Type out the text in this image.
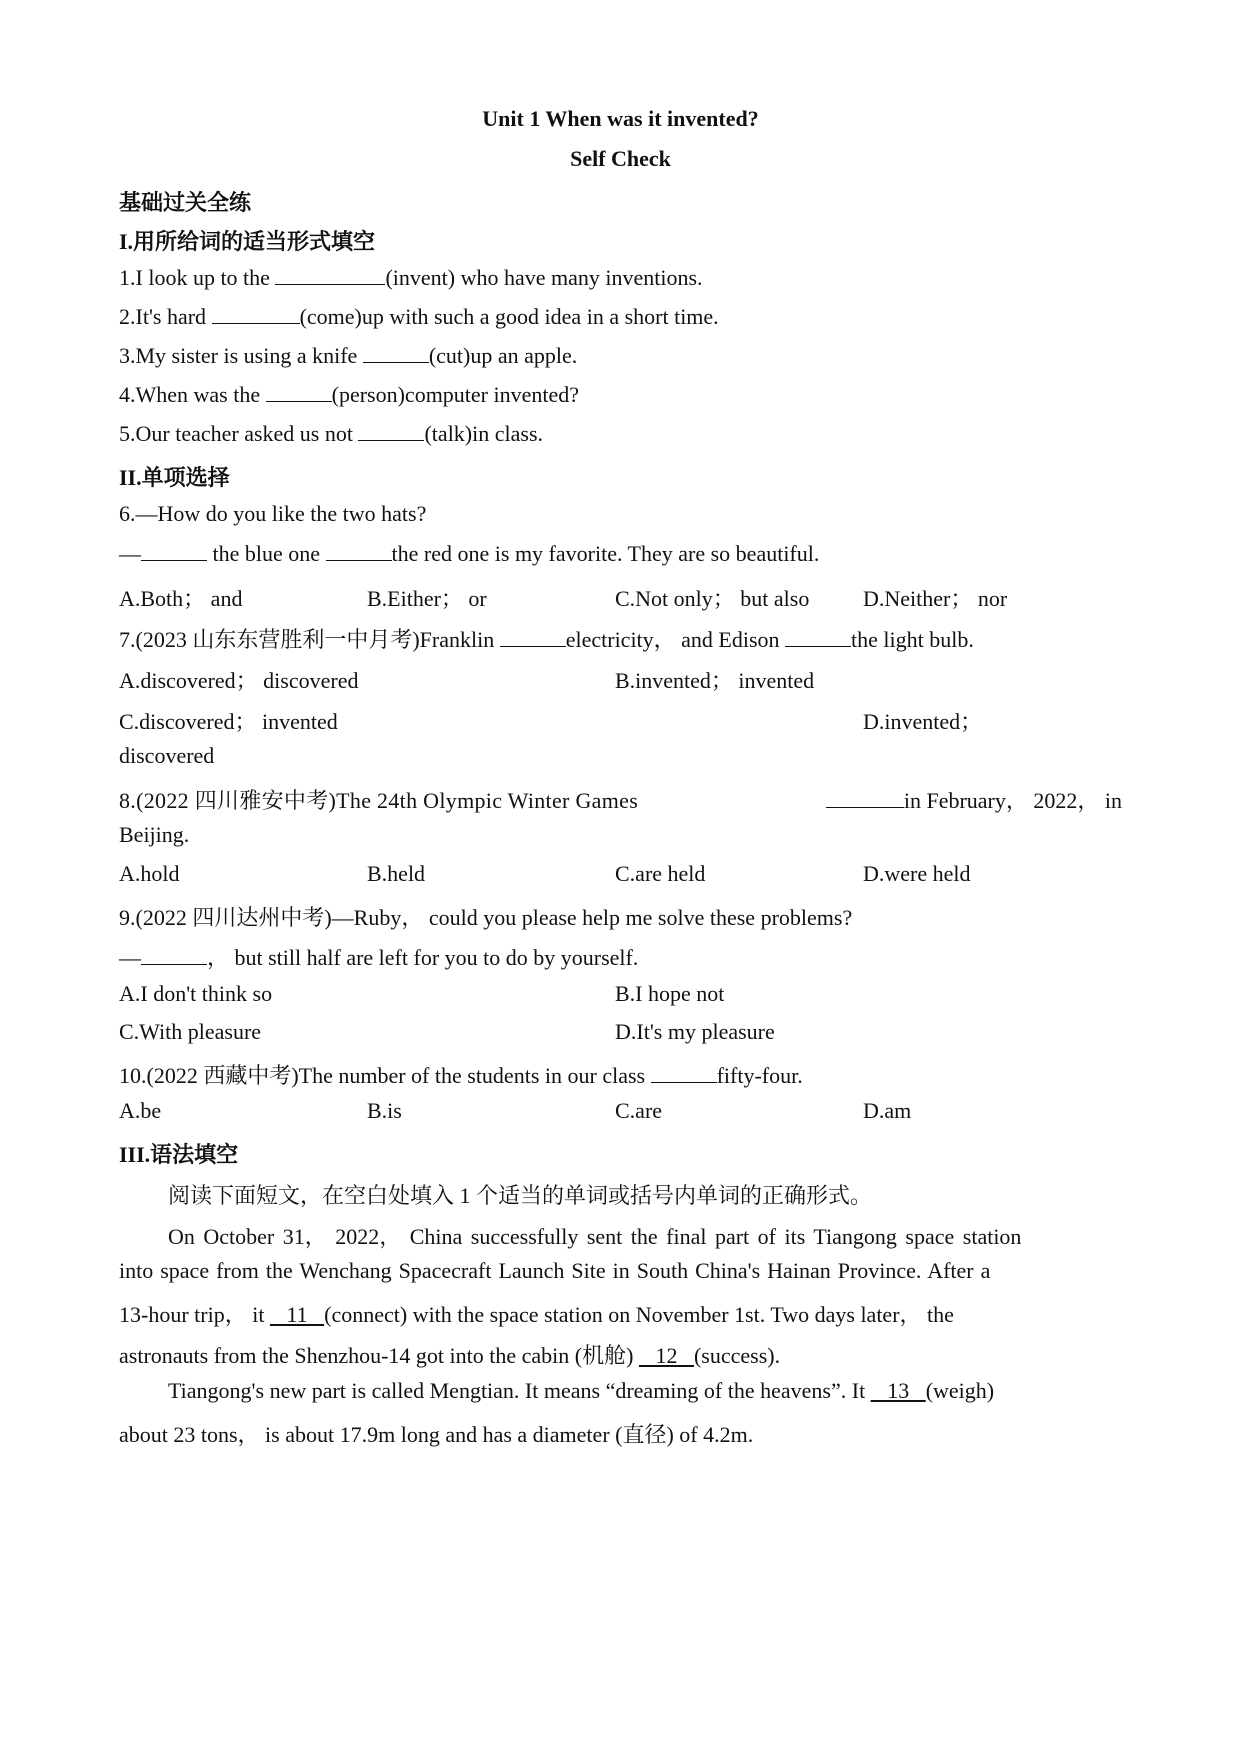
Unit 1 When was it invented?
Self Check
基础过关全练
I.用所给词的适当形式填空
1.I look up to the	(invent) who have many inventions.
2.It's hard	(come)up with such a good idea in a short time.
3.My sister is using a knife	(cut)up an apple.
4.When was the	(person)computer invented?
5.Our teacher asked us not	(talk)in class.
II.单项选择
6.—How do you like the two hats?
—	the blue one	the red one is my favorite. They are so beautiful.
A.Both； and	B.Either； or	C.Not only； but also D.Neither； nor
7.(2023 山东东营胜利一中月考)Franklin	electricity， and Edison	the light bulb.
A.discovered； discovered	B.invented； invented
C.discovered； invented	D.invented；
discovered
8.(2022 四川雅安中考)The 24th Olympic Winter Games	in February， 2022， in
Beijing.
A.hold	B.held	C.are held	D.were held
9.(2022 四川达州中考)—Ruby， could you please help me solve these problems?
—	， but still half are left for you to do by yourself.
A.I don't think so	B.I hope not
C.With pleasure	D.It's my pleasure
10.(2022 西藏中考)The number of the students in our class	fifty-four.
A.be	B.is	C.are	D.am
III.语法填空
阅读下面短文，在空白处填入 1 个适当的单词或括号内单词的正确形式。
On October 31， 2022， China successfully sent the final part of its Tiangong space station
into space from the Wenchang Spacecraft Launch Site in South China's Hainan Province. After a
13-hour trip， it    11   (connect) with the space station on November 1st. Two days later， the
astronauts from the Shenzhou-14 got into the cabin (机舱)    12   (success).
Tiangong's new part is called Mengtian. It means “dreaming of the heavens”. It    13   (weigh)
about 23 tons， is about 17.9m long and has a diameter (直径) of 4.2m.
